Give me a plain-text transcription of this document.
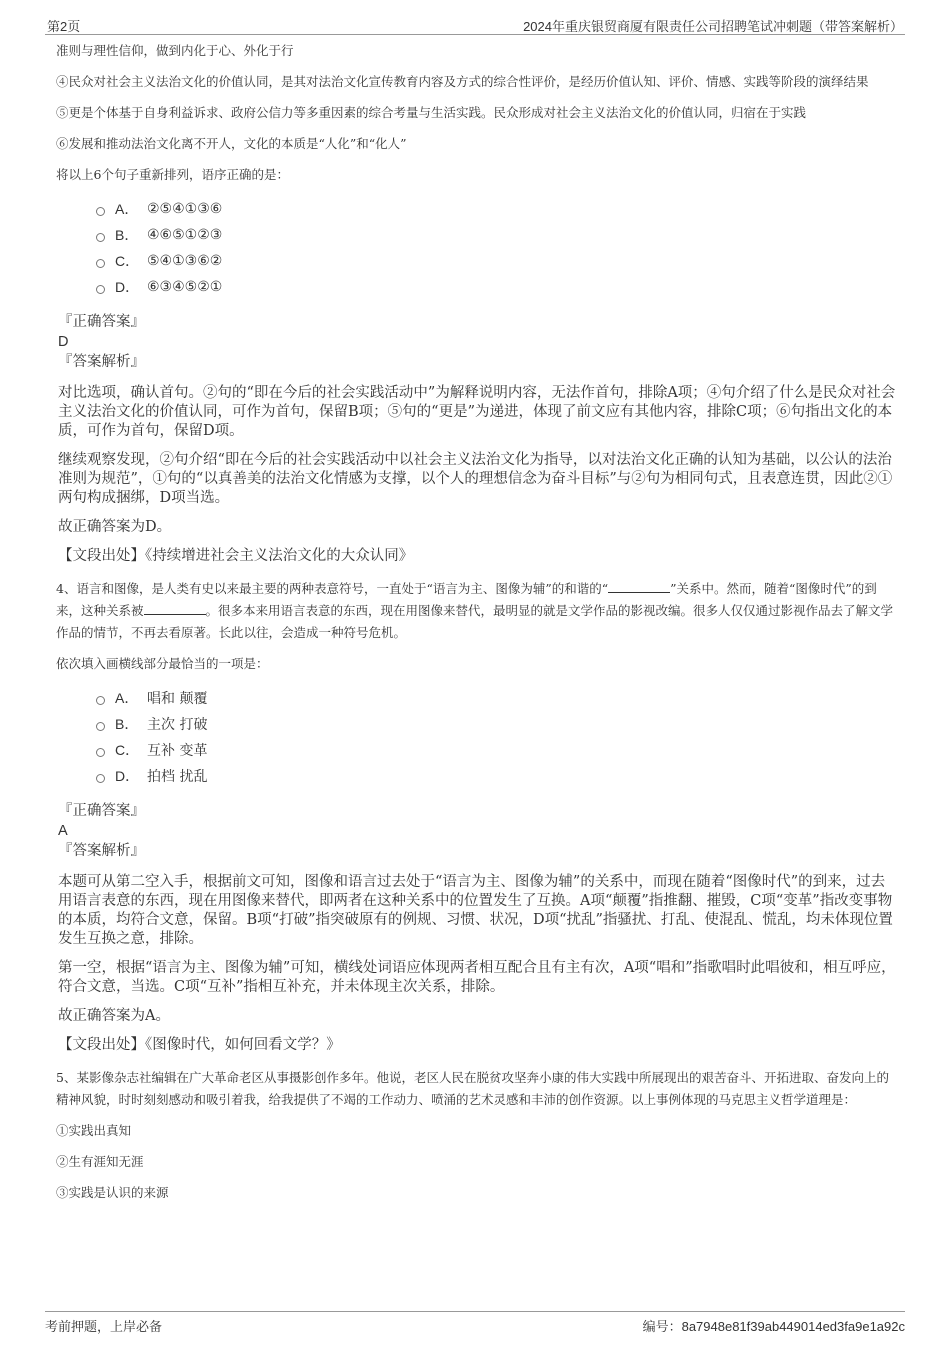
第2页	2024年重庆银贸商厦有限责任公司招聘笔试冲刺题（带答案解析）

准则与理性信仰，做到内化于心、外化于行

④民众对社会主义法治文化的价值认同，是其对法治文化宣传教育内容及方式的综合性评价，是经历价值认知、评价、情感、实践等阶段的演绎结果

⑤更是个体基于自身利益诉求、政府公信力等多重因素的综合考量与生活实践。民众形成对社会主义法治文化的价值认同，归宿在于实践

⑥发展和推动法治文化离不开人，文化的本质是“人化”和“化人”

将以上6个句子重新排列，语序正确的是：

A． ②⑤④①③⑥
B． ④⑥⑤①②③
C． ⑤④①③⑥②
D． ⑥③④⑤②①
『正确答案』
D
『答案解析』

对比选项，确认首句。②句的“即在今后的社会实践活动中”为解释说明内容，无法作首句，排除A项；④句介绍了什么是民众对社会主义法治文化的价值认同，可作为首句，保留B项；⑤句的“更是”为递进，体现了前文应有其他内容，排除C项；⑥句指出文化的本质，可作为首句，保留D项。

继续观察发现，②句介绍“即在今后的社会实践活动中以社会主义法治文化为指导，以对法治文化正确的认知为基础，以公认的法治准则为规范”，①句的“以真善美的法治文化情感为支撑，以个人的理想信念为奋斗目标”与②句为相同句式，且表意连贯，因此②①两句构成捆绑，D项当选。

故正确答案为D。

【文段出处】《持续增进社会主义法治文化的大众认同》

4、语言和图像，是人类有史以来最主要的两种表意符号，一直处于“语言为主、图像为辅”的和谐的“	”关系中。然而，随着“图像时代”的到来，这种关系被	。很多本来用语言表意的东西，现在用图像来替代，最明显的就是文学作品的影视改编。很多人仅仅通过影视作品去了解文学作品的情节，不再去看原著。长此以往，会造成一种符号危机。

依次填入画横线部分最恰当的一项是：

A． 唱和 颠覆
B． 主次 打破
C． 互补 变革
D． 拍档 扰乱
『正确答案』
A
『答案解析』

本题可从第二空入手，根据前文可知，图像和语言过去处于“语言为主、图像为辅”的关系中，而现在随着“图像时代”的到来，过去用语言表意的东西，现在用图像来替代，即两者在这种关系中的位置发生了互换。A项“颠覆”指推翻、摧毁，C项“变革”指改变事物的本质，均符合文意，保留。B项“打破”指突破原有的例规、习惯、状况，D项“扰乱”指骚扰、打乱、使混乱、慌乱，均未体现位置发生互换之意，排除。

第一空，根据“语言为主、图像为辅”可知，横线处词语应体现两者相互配合且有主有次，A项“唱和”指歌唱时此唱彼和，相互呼应，符合文意，当选。C项“互补”指相互补充，并未体现主次关系，排除。

故正确答案为A。

【文段出处】《图像时代，如何回看文学？》

5、某影像杂志社编辑在广大革命老区从事摄影创作多年。他说，老区人民在脱贫攻坚奔小康的伟大实践中所展现出的艰苦奋斗、开拓进取、奋发向上的精神风貌，时时刻刻感动和吸引着我，给我提供了不竭的工作动力、喷涌的艺术灵感和丰沛的创作资源。以上事例体现的马克思主义哲学道理是：

①实践出真知

②生有涯知无涯

③实践是认识的来源

考前押题，上岸必备	编号：8a7948e81f39ab449014ed3fa9e1a92c
